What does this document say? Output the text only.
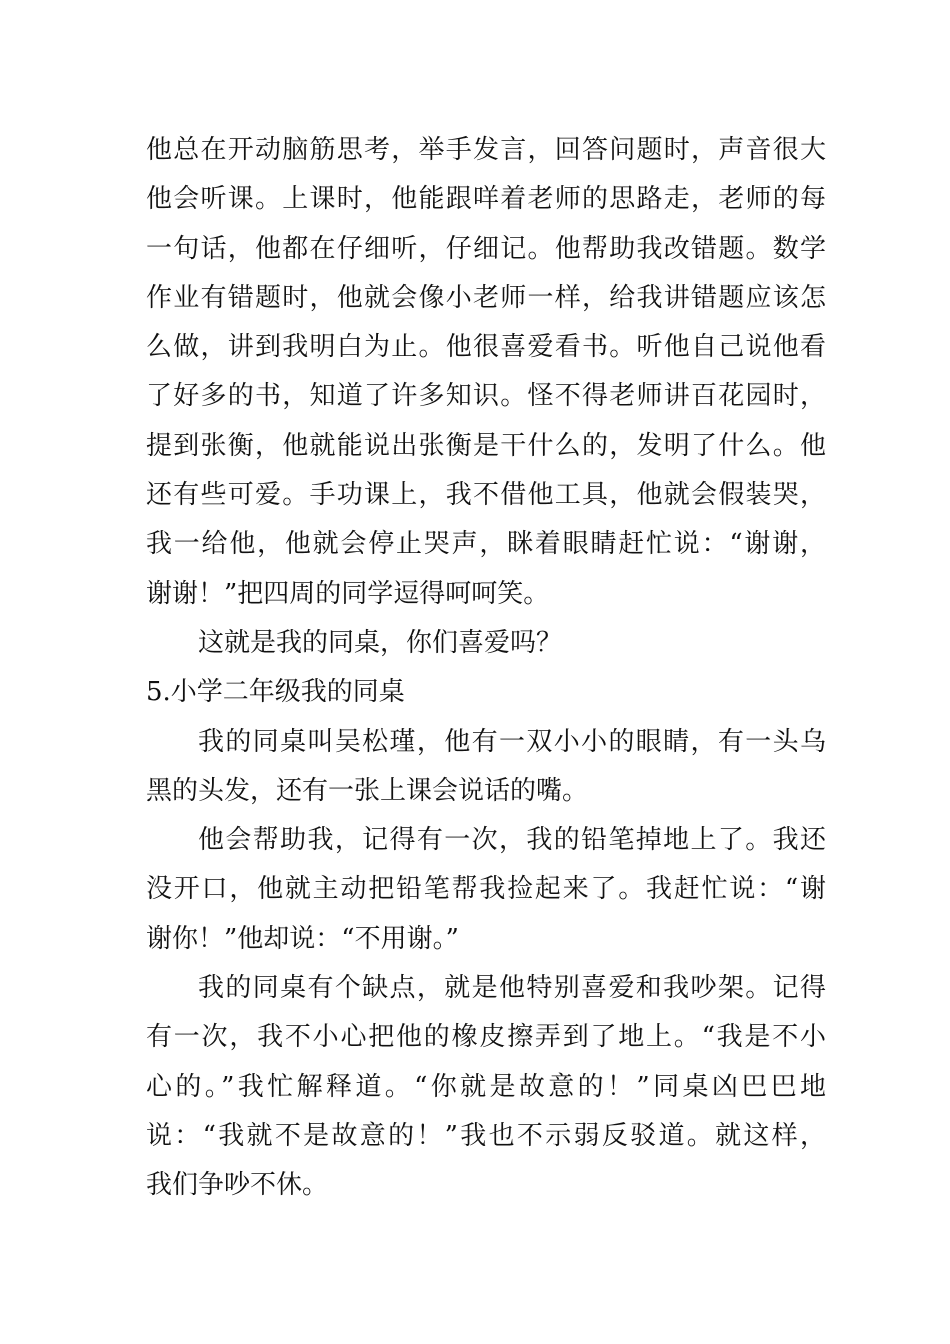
他总在开动脑筋思考，举手发言，回答问题时，声音很大

他会听课。上课时，他能跟咩着老师的思路走，老师的每

一句话，他都在仔细听，仔细记。他帮助我改错题。数学

作业有错题时，他就会像小老师一样，给我讲错题应该怎

么做，讲到我明白为止。他很喜爱看书。听他自己说他看

了好多的书，知道了许多知识。怪不得老师讲百花园时，

提到张衡，他就能说出张衡是干什么的，发明了什么。他

还有些可爱。手功课上，我不借他工具，他就会假装哭，

我一给他，他就会停止哭声，眯着眼睛赶忙说：“谢谢，

谢谢！”把四周的同学逗得呵呵笑。

这就是我的同桌，你们喜爱吗？

5.小学二年级我的同桌

我的同桌叫吴松瑾，他有一双小小的眼睛，有一头乌

黑的头发，还有一张上课会说话的嘴。

他会帮助我，记得有一次，我的铅笔掉地上了。我还

没开口，他就主动把铅笔帮我捡起来了。我赶忙说：“谢

谢你！”他却说：“不用谢。”

我的同桌有个缺点，就是他特别喜爱和我吵架。记得

有一次，我不小心把他的橡皮擦弄到了地上。“我是不小

心的。”我忙解释道。“你就是故意的！”同桌凶巴巴地

说：“我就不是故意的！”我也不示弱反驳道。就这样，

我们争吵不休。
